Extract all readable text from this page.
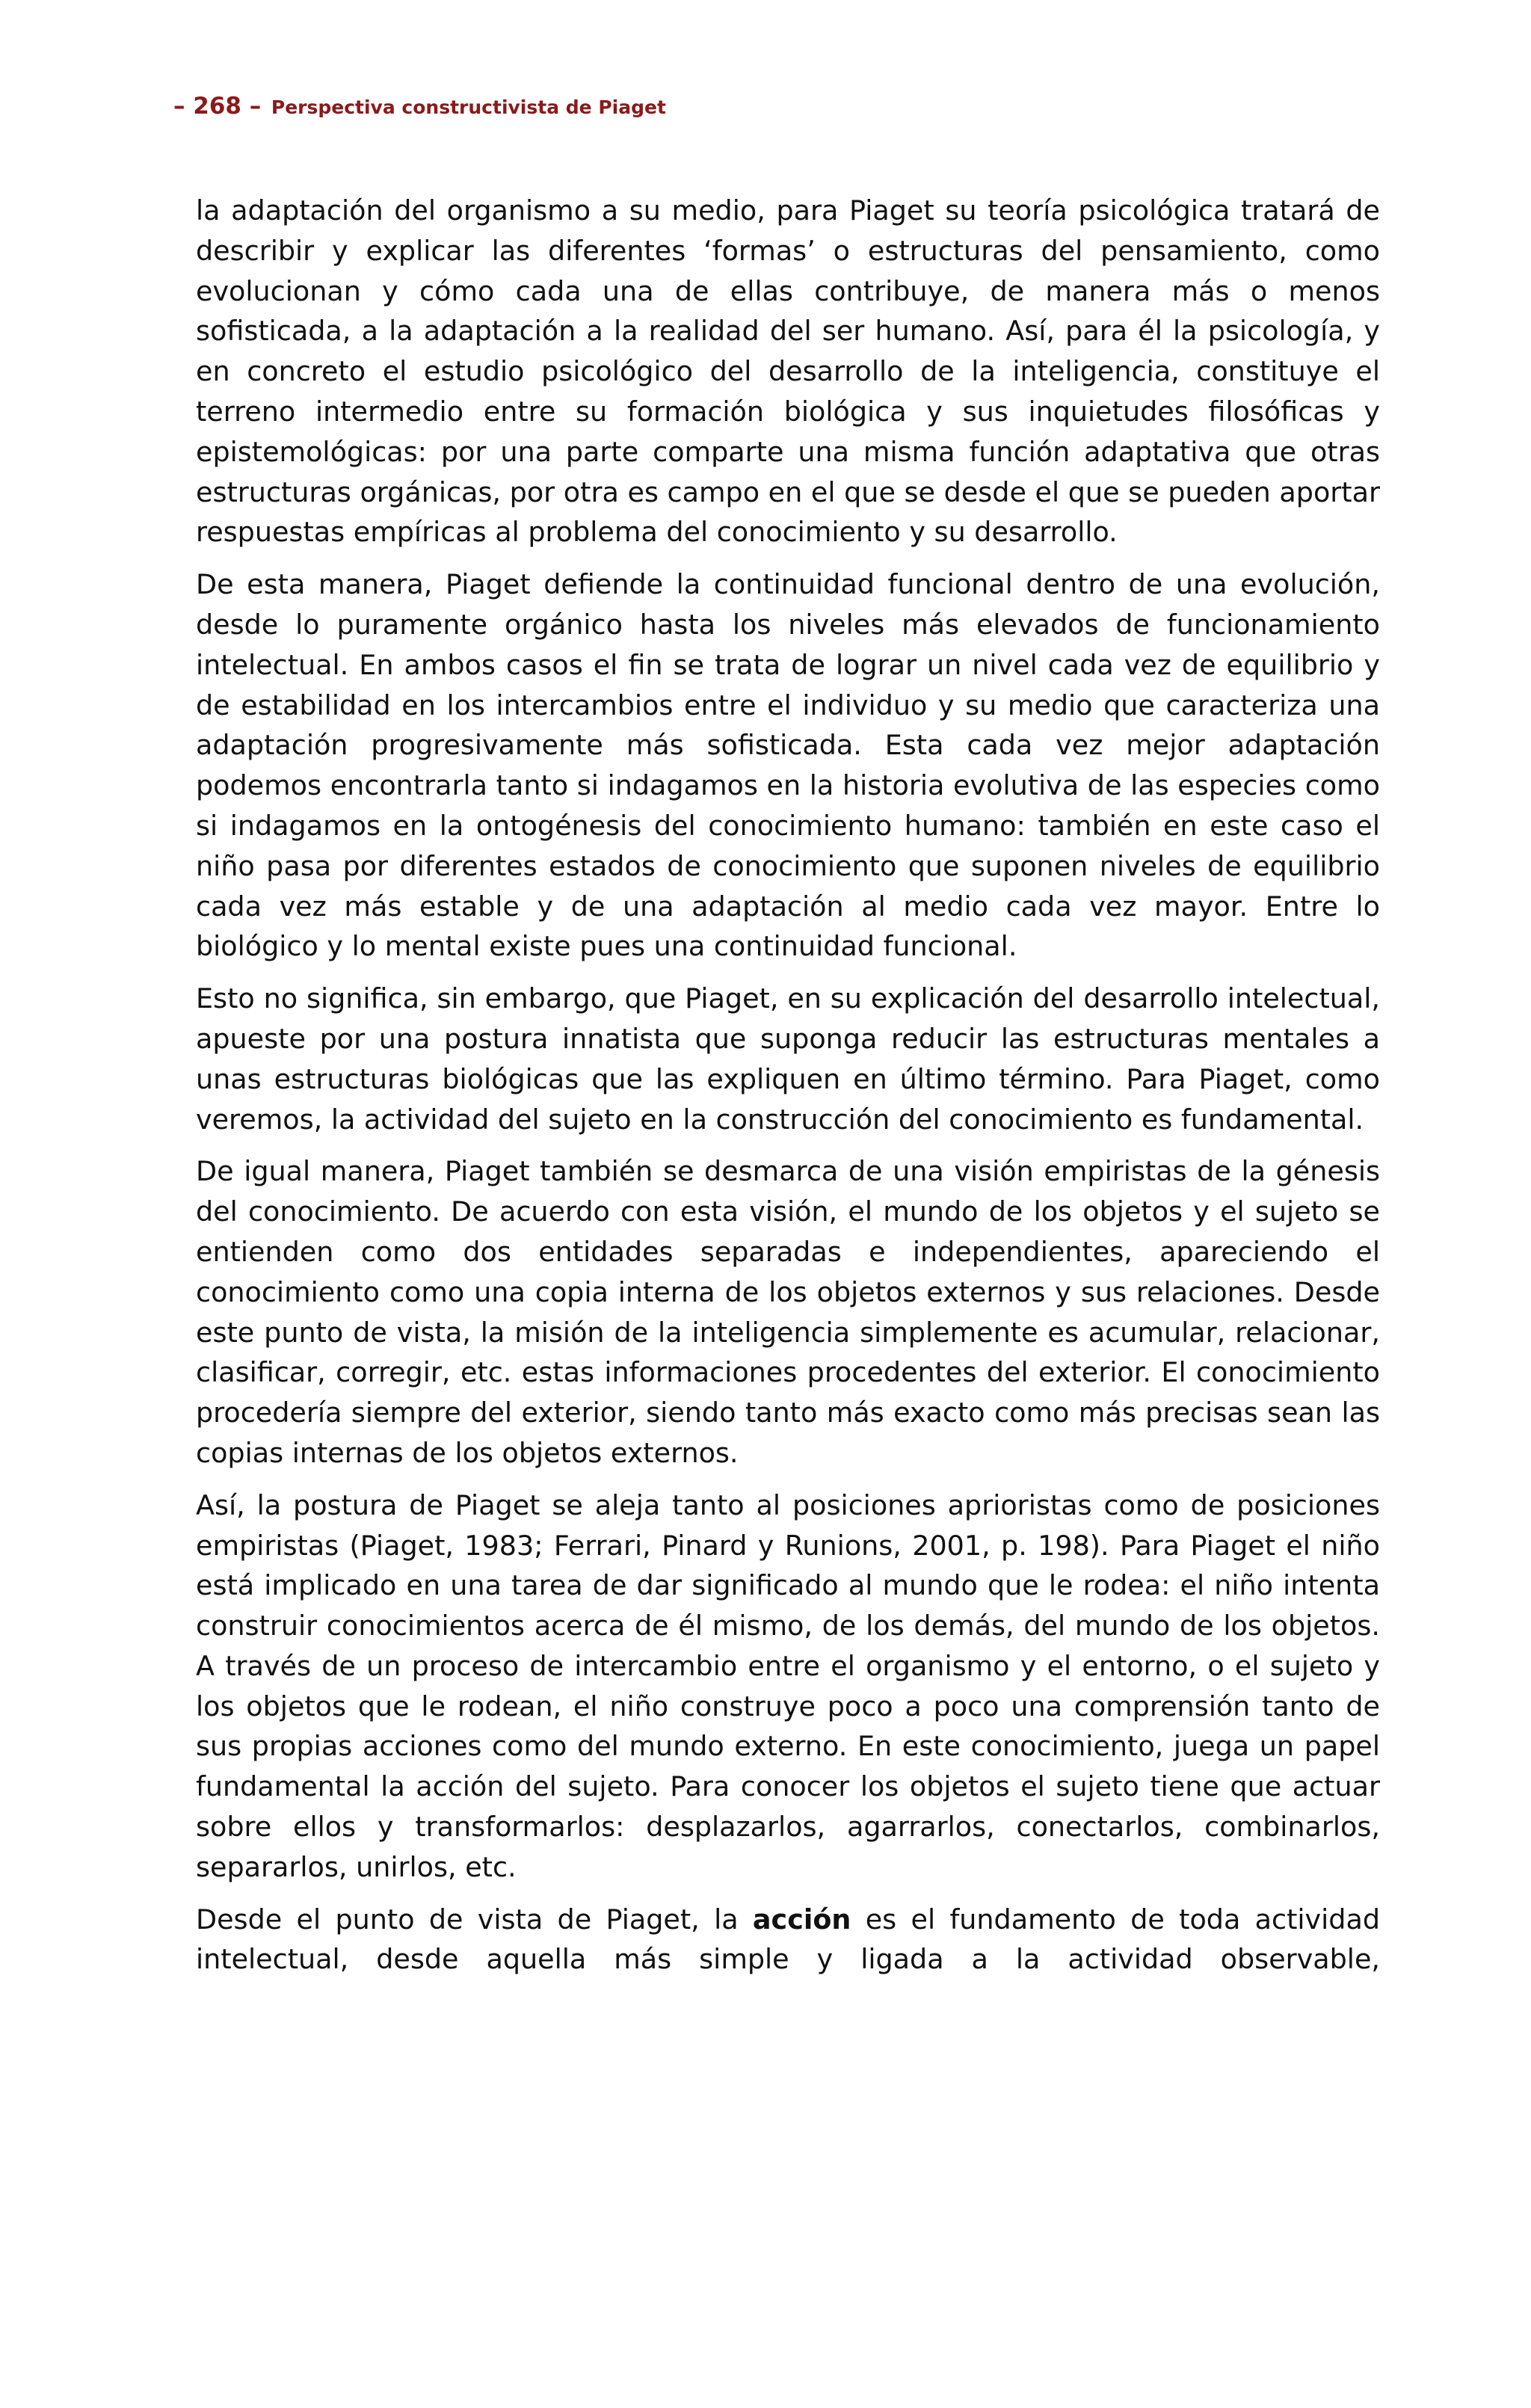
– 268 – Perspectiva constructivista de Piaget

la adaptación del organismo a su medio, para Piaget su teoría psicológica tratará de describir y explicar las diferentes ‘formas’ o estructuras del pensamiento, como evolucionan y cómo cada una de ellas contribuye, de manera más o menos sofisticada, a la adaptación a la realidad del ser humano. Así, para él la psicología, y en concreto el estudio psicológico del desarrollo de la inteligencia, constituye el terreno intermedio entre su formación biológica y sus inquietudes filosóficas y epistemológicas: por una parte comparte una misma función adaptativa que otras estructuras orgánicas, por otra es campo en el que se desde el que se pueden aportar respuestas empíricas al problema del conocimiento y su desarrollo.

De esta manera, Piaget defiende la continuidad funcional dentro de una evolución, desde lo puramente orgánico hasta los niveles más elevados de funcionamiento intelectual. En ambos casos el fin se trata de lograr un nivel cada vez de equilibrio y de estabilidad en los intercambios entre el individuo y su medio que caracteriza una adaptación progresivamente más sofisticada. Esta cada vez mejor adaptación podemos encontrarla tanto si indagamos en la historia evolutiva de las especies como si indagamos en la ontogénesis del conocimiento humano: también en este caso el niño pasa por diferentes estados de conocimiento que suponen niveles de equilibrio cada vez más estable y de una adaptación al medio cada vez mayor. Entre lo biológico y lo mental existe pues una continuidad funcional.

Esto no significa, sin embargo, que Piaget, en su explicación del desarrollo intelectual, apueste por una postura innatista que suponga reducir las estructuras mentales a unas estructuras biológicas que las expliquen en último término. Para Piaget, como veremos, la actividad del sujeto en la construcción del conocimiento es fundamental.

De igual manera, Piaget también se desmarca de una visión empiristas de la génesis del conocimiento. De acuerdo con esta visión, el mundo de los objetos y el sujeto se entienden como dos entidades separadas e independientes, apareciendo el conocimiento como una copia interna de los objetos externos y sus relaciones. Desde este punto de vista, la misión de la inteligencia simplemente es acumular, relacionar, clasificar, corregir, etc. estas informaciones procedentes del exterior. El conocimiento procedería siempre del exterior, siendo tanto más exacto como más precisas sean las copias internas de los objetos externos.

Así, la postura de Piaget se aleja tanto al posiciones aprioristas como de posiciones empiristas (Piaget, 1983; Ferrari, Pinard y Runions, 2001, p. 198). Para Piaget el niño está implicado en una tarea de dar significado al mundo que le rodea: el niño intenta construir conocimientos acerca de él mismo, de los demás, del mundo de los objetos. A través de un proceso de intercambio entre el organismo y el entorno, o el sujeto y los objetos que le rodean, el niño construye poco a poco una comprensión tanto de sus propias acciones como del mundo externo. En este conocimiento, juega un papel fundamental la acción del sujeto. Para conocer los objetos el sujeto tiene que actuar sobre ellos y transformarlos: desplazarlos, agarrarlos, conectarlos, combinarlos, separarlos, unirlos, etc.

Desde el punto de vista de Piaget, la acción es el fundamento de toda actividad intelectual, desde aquella más simple y ligada a la actividad observable,
